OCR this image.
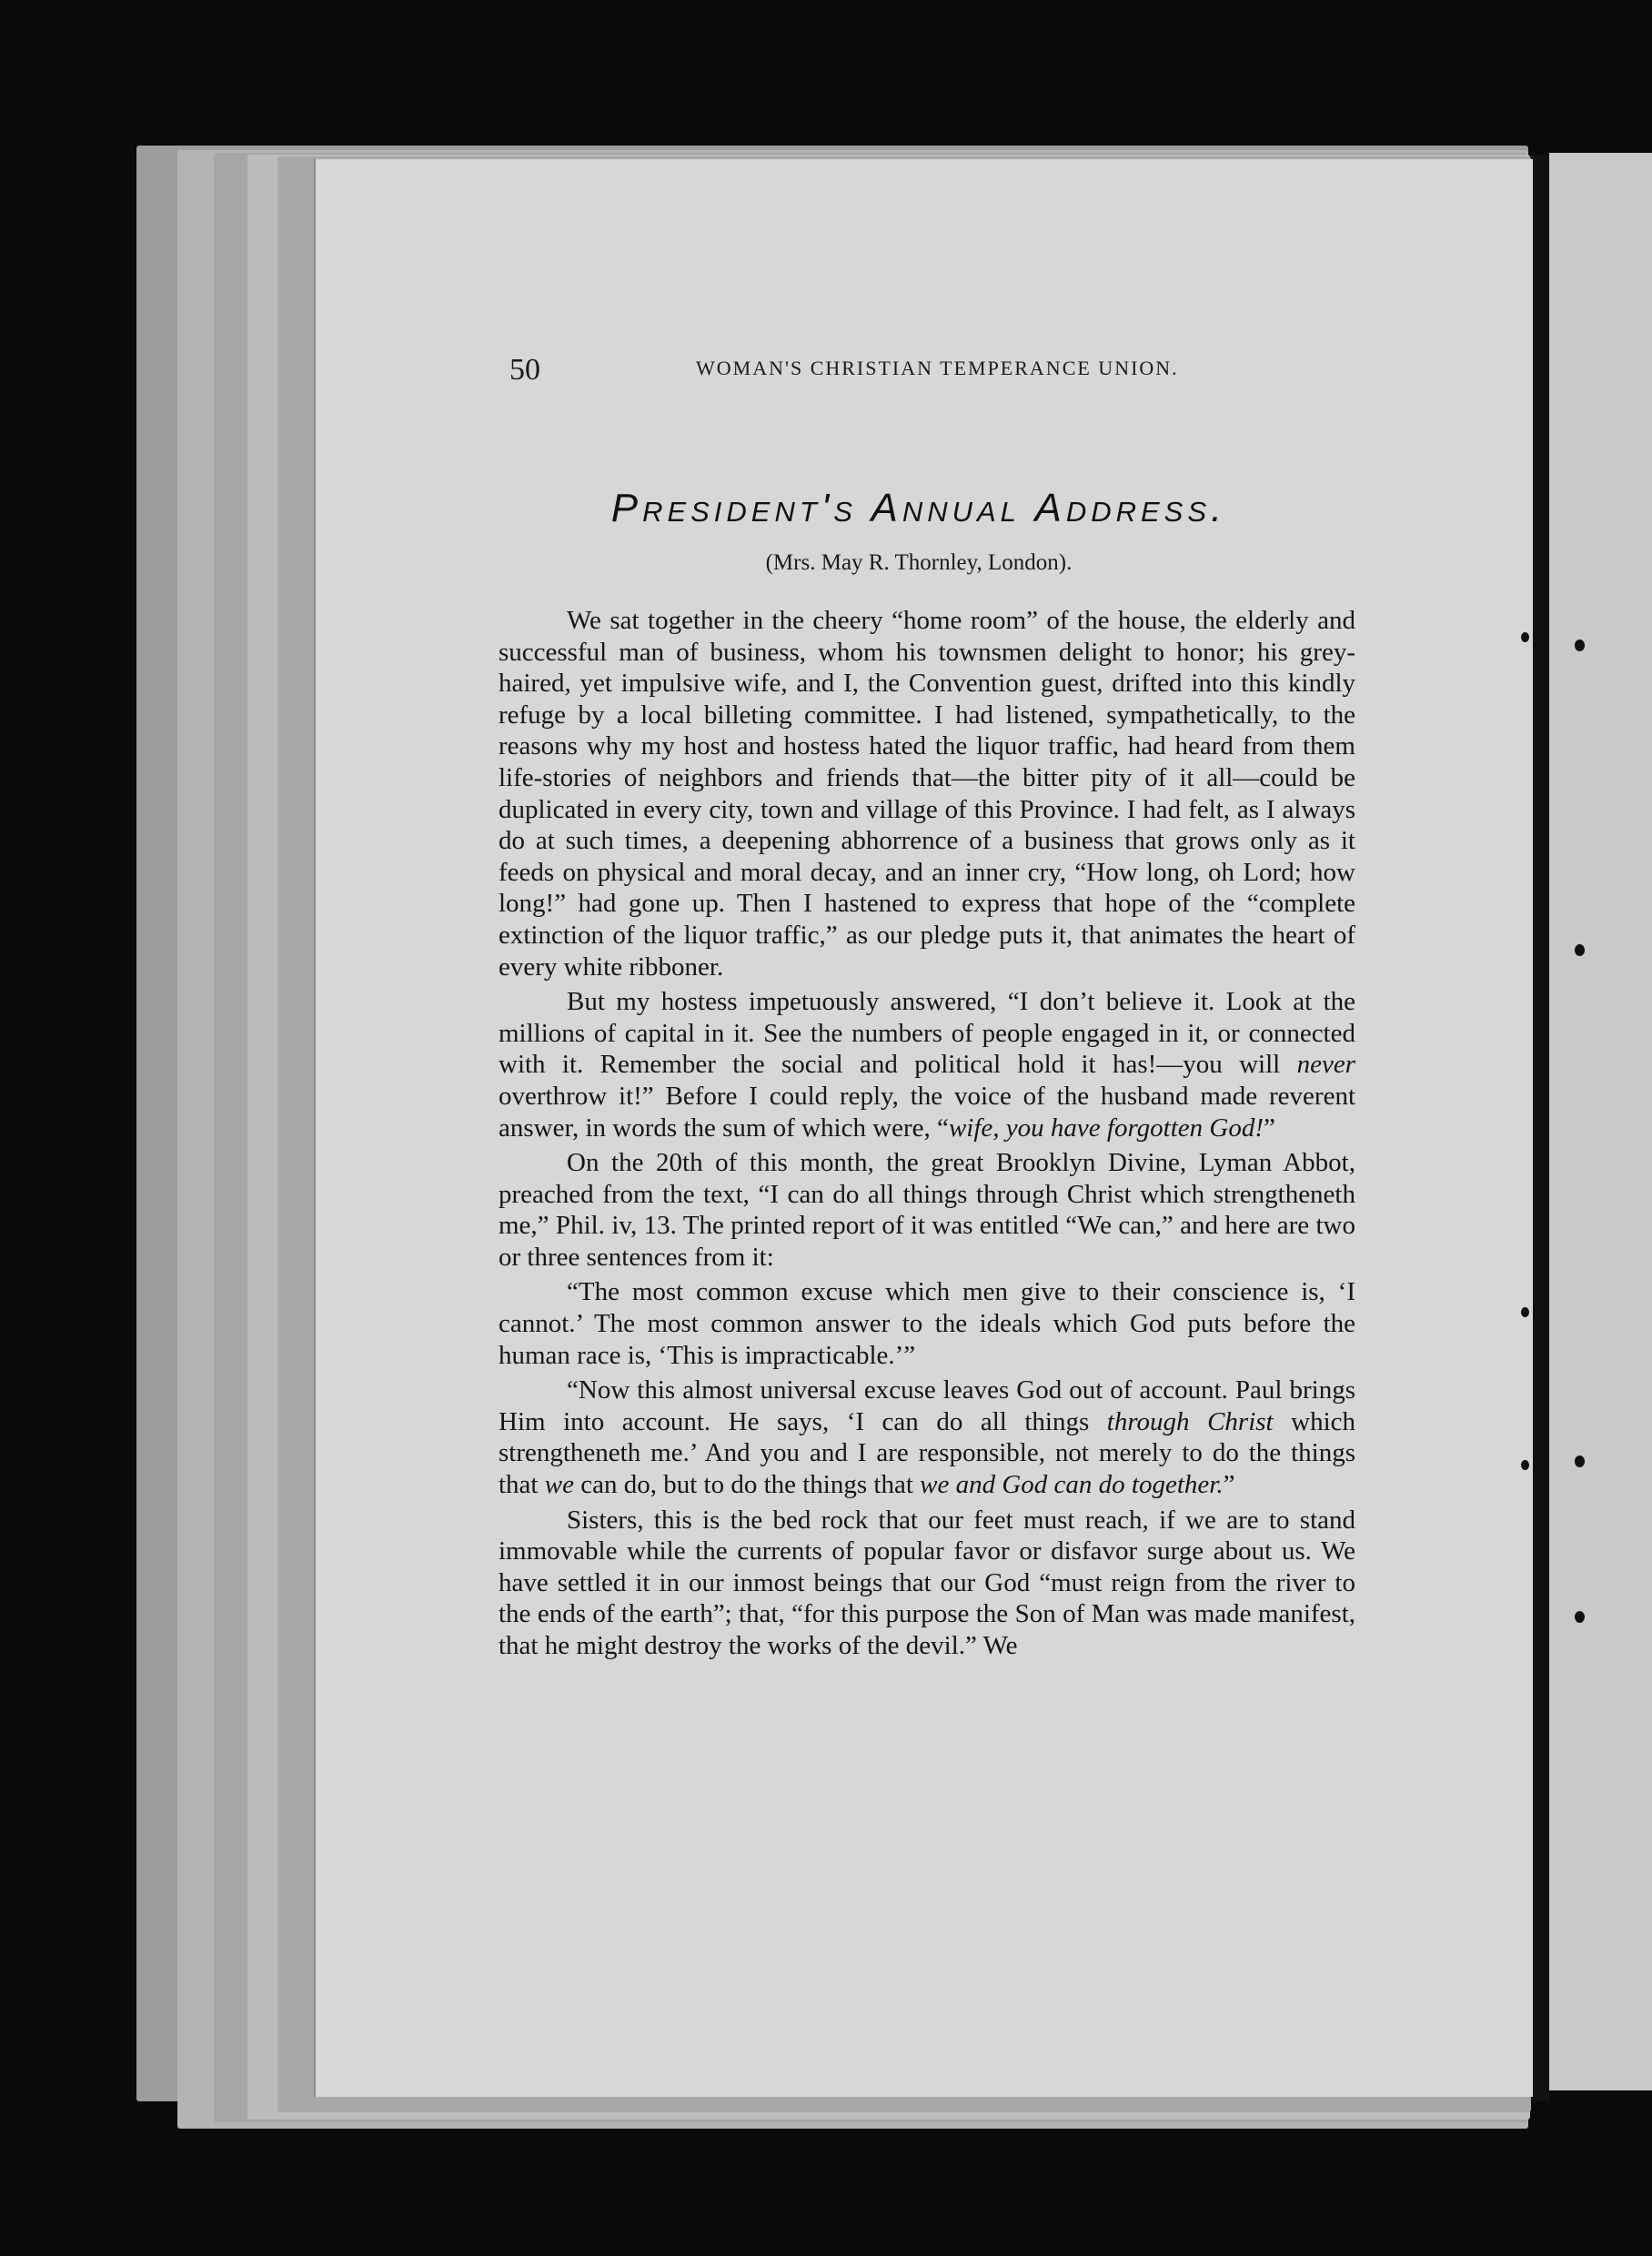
50	WOMAN'S CHRISTIAN TEMPERANCE UNION.
President's Annual Address.
(Mrs. May R. Thornley, London).

We sat together in the cheery “home room” of the house, the elderly and successful man of business, whom his townsmen delight to honor; his grey-haired, yet impulsive wife, and I, the Convention guest, drifted into this kindly refuge by a local billeting committee. I had listened, sympathetically, to the reasons why my host and hostess hated the liquor traffic, had heard from them life-stories of neighbors and friends that—the bitter pity of it all—could be duplicated in every city, town and village of this Province. I had felt, as I always do at such times, a deepening abhorrence of a business that grows only as it feeds on physical and moral decay, and an inner cry, “How long, oh Lord; how long!” had gone up. Then I hastened to express that hope of the “complete extinction of the liquor traffic,” as our pledge puts it, that animates the heart of every white ribboner.

But my hostess impetuously answered, “I don’t believe it. Look at the millions of capital in it. See the numbers of people engaged in it, or connected with it. Remember the social and political hold it has!—you will never overthrow it!” Before I could reply, the voice of the husband made reverent answer, in words the sum of which were, “wife, you have forgotten God!”

On the 20th of this month, the great Brooklyn Divine, Lyman Abbot, preached from the text, “I can do all things through Christ which strengtheneth me,” Phil. iv, 13. The printed report of it was entitled “We can,” and here are two or three sentences from it:

“The most common excuse which men give to their conscience is, ‘I cannot.’ The most common answer to the ideals which God puts before the human race is, ‘This is impracticable.’”

“Now this almost universal excuse leaves God out of account. Paul brings Him into account. He says, ‘I can do all things through Christ which strengtheneth me.’ And you and I are responsible, not merely to do the things that we can do, but to do the things that we and God can do together.”

Sisters, this is the bed rock that our feet must reach, if we are to stand immovable while the currents of popular favor or disfavor surge about us. We have settled it in our inmost beings that our God “must reign from the river to the ends of the earth”; that, “for this purpose the Son of Man was made manifest, that he might destroy the works of the devil.” We
